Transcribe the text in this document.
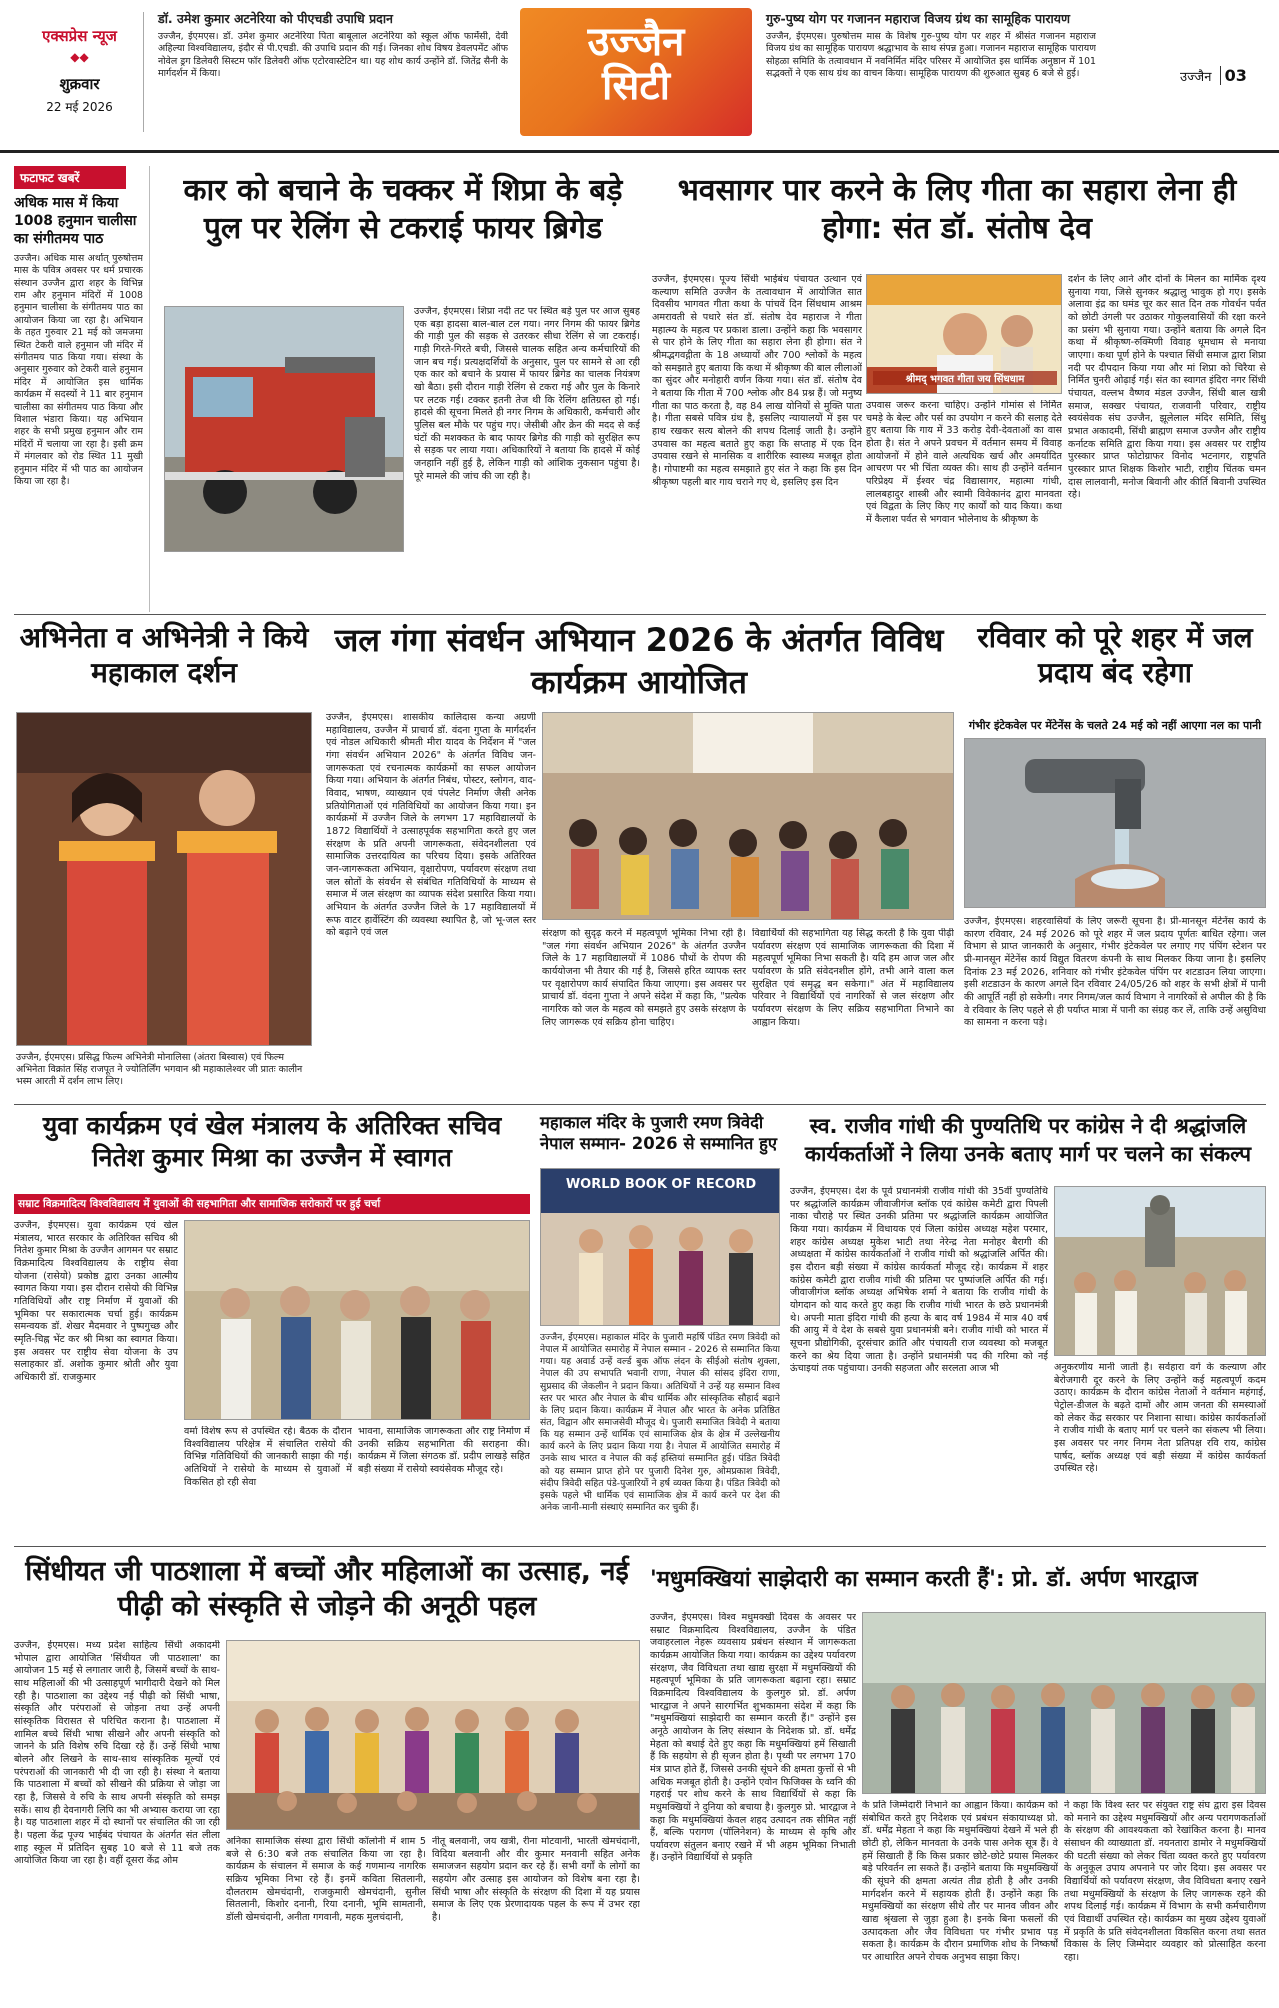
एक्सप्रेस न्यूज
◆◆
शुक्रवार
22 मई 2026
डॉ. उमेश कुमार अटनेरिया को पीएचडी उपाधि प्रदान
उज्जैन, ईएमएस। डॉ. उमेश कुमार अटनेरिया पिता बाबूलाल अटनेरिया को स्कूल ऑफ फार्मेसी, देवी अहिल्या विश्वविद्यालय, इंदौर से पी.एचडी. की उपाधि प्रदान की गई। जिनका शोध विषय डेवलपमेंट ऑफ नोवेल ड्रग डिलेवरी सिस्टम फॉर डिलेवरी ऑफ एटोरवास्टेटिन था। यह शोध कार्य उन्होंने डॉ. जितेंद्र सैनी के मार्गदर्शन में किया।
उज्जैन
सिटी
गुरु-पुष्य योग पर गजानन महाराज विजय ग्रंथ का सामूहिक पारायण
उज्जैन, ईएमएस। पुरुषोत्तम मास के विशेष गुरु-पुष्य योग पर शहर में श्रीसंत गजानन महाराज विजय ग्रंथ का सामूहिक पारायण श्रद्धाभाव के साथ संपन्न हुआ। गजानन महाराज सामूहिक पारायण सोहळा समिति के तत्वावधान में नवनिर्मित मंदिर परिसर में आयोजित इस धार्मिक अनुष्ठान में 101 सद्भक्तों ने एक साथ ग्रंथ का वाचन किया। सामूहिक पारायण की शुरुआत सुबह 6 बजे से हुई।	उज्जैन 03
फटाफट खबरें
अधिक मास में किया 1008 हनुमान चालीसा का संगीतमय पाठ
उज्जैन। अधिक मास अर्थात् पुरुषोत्तम मास के पवित्र अवसर पर धर्म प्रचारक संस्थान उज्जैन द्वारा शहर के विभिन्न राम और हनुमान मंदिरों में 1008 हनुमान चालीसा के संगीतमय पाठ का आयोजन किया जा रहा है। अभियान के तहत गुरुवार 21 मई को जमजमा स्थित टेकरी वाले हनुमान जी मंदिर में संगीतमय पाठ किया गया। संस्था के अनुसार गुरुवार को टेकरी वाले हनुमान मंदिर में आयोजित इस धार्मिक कार्यक्रम में सदस्यों ने 11 बार हनुमान चालीसा का संगीतमय पाठ किया और विशाल भंडारा किया। यह अभियान शहर के सभी प्रमुख हनुमान और राम मंदिरों में चलाया जा रहा है। इसी क्रम में मंगलवार को रोड स्थित 11 मुखी हनुमान मंदिर में भी पाठ का आयोजन किया जा रहा है।
कार को बचाने के चक्कर में शिप्रा के बड़े पुल पर रेलिंग से टकराई फायर ब्रिगेड
उज्जैन, ईएमएस। शिप्रा नदी तट पर स्थित बड़े पुल पर आज सुबह एक बड़ा हादसा बाल-बाल टल गया। नगर निगम की फायर ब्रिगेड की गाड़ी पुल की सड़क से उतरकर सीधा रेलिंग से जा टकराई। गाड़ी गिरते-गिरते बची, जिससे चालक सहित अन्य कर्मचारियों की जान बच गई। प्रत्यक्षदर्शियों के अनुसार, पुल पर सामने से आ रही एक कार को बचाने के प्रयास में फायर ब्रिगेड का चालक नियंत्रण खो बैठा। इसी दौरान गाड़ी रेलिंग से टकरा गई और पुल के किनारे पर लटक गई। टक्कर इतनी तेज थी कि रेलिंग क्षतिग्रस्त हो गई। हादसे की सूचना मिलते ही नगर निगम के अधिकारी, कर्मचारी और पुलिस बल मौके पर पहुंच गए। जेसीबी और क्रेन की मदद से कई घंटों की मशक्कत के बाद फायर ब्रिगेड की गाड़ी को सुरक्षित रूप से सड़क पर लाया गया। अधिकारियों ने बताया कि हादसे में कोई जनहानि नहीं हुई है, लेकिन गाड़ी को आंशिक नुकसान पहुंचा है। पूरे मामले की जांच की जा रही है।
भवसागर पार करने के लिए गीता का सहारा लेना ही होगा: संत डॉ. संतोष देव
उज्जैन, ईएमएस। पूज्य सिंधी भाईबंध पंचायत उत्थान एवं कल्याण समिति उज्जैन के तत्वावधान में आयोजित सात दिवसीय भागवत गीता कथा के पांचवें दिन सिंधधाम आश्रम अमरावती से पधारे संत डॉ. संतोष देव महाराज ने गीता महात्म्य के महत्व पर प्रकाश डाला। उन्होंने कहा कि भवसागर से पार होने के लिए गीता का सहारा लेना ही होगा। संत ने श्रीमद्भगवद्गीता के 18 अध्यायों और 700 श्लोकों के महत्व को समझाते हुए बताया कि कथा में श्रीकृष्ण की बाल लीलाओं का सुंदर और मनोहारी वर्णन किया गया। संत डॉ. संतोष देव ने बताया कि गीता में 700 श्लोक और 84 प्रश्न हैं। जो मनुष्य गीता का पाठ करता है, वह 84 लाख योनियों से मुक्ति पाता है। गीता सबसे पवित्र ग्रंथ है, इसलिए न्यायालयों में इस पर हाथ रखकर सत्य बोलने की शपथ दिलाई जाती है। उन्होंने उपवास का महत्व बताते हुए कहा कि सप्ताह में एक दिन उपवास रखने से मानसिक व शारीरिक स्वास्थ्य मजबूत होता है। गोपाष्टमी का महत्व समझाते हुए संत ने कहा कि इस दिन श्रीकृष्ण पहली बार गाय चराने गए थे, इसलिए इस दिन
श्रीमद् भगवत गीता जय सिंधधाम
उपवास जरूर करना चाहिए। उन्होंने गोमांस से निर्मित चमड़े के बेल्ट और पर्स का उपयोग न करने की सलाह देते हुए बताया कि गाय में 33 करोड़ देवी-देवताओं का वास होता है। संत ने अपने प्रवचन में वर्तमान समय में विवाह आयोजनों में होने वाले अत्यधिक खर्च और अमर्यादित आचरण पर भी चिंता व्यक्त की। साथ ही उन्होंने वर्तमान परिप्रेक्ष्य में ईश्वर चंद्र विद्यासागर, महात्मा गांधी, लालबहादुर शास्त्री और स्वामी विवेकानंद द्वारा मानवता एवं विद्वता के लिए किए गए कार्यों को याद किया। कथा में कैलाश पर्वत से भगवान भोलेनाथ के श्रीकृष्ण के
दर्शन के लिए आने और दोनों के मिलन का मार्मिक दृश्य सुनाया गया, जिसे सुनकर श्रद्धालु भावुक हो गए। इसके अलावा इंद्र का घमंड चूर कर सात दिन तक गोवर्धन पर्वत को छोटी उंगली पर उठाकर गोकुलवासियों की रक्षा करने का प्रसंग भी सुनाया गया। उन्होंने बताया कि अगले दिन कथा में श्रीकृष्ण-रुक्मिणी विवाह धूमधाम से मनाया जाएगा। कथा पूर्ण होने के पश्चात सिंधी समाज द्वारा शिप्रा नदी पर दीपदान किया गया और मां शिप्रा को चिरैया से निर्मित चुनरी ओढ़ाई गई। संत का स्वागत इंदिरा नगर सिंधी पंचायत, वल्लभ वैष्णव मंडल उज्जैन, सिंधी बाल खत्री समाज, सक्खर पंचायत, राजवानी परिवार, राष्ट्रीय स्वयंसेवक संघ उज्जैन, झूलेलाल मंदिर समिति, सिंधु प्रभात अकादमी, सिंधी ब्राह्मण समाज उज्जैन और राष्ट्रीय कर्नाटक समिति द्वारा किया गया। इस अवसर पर राष्ट्रीय पुरस्कार प्राप्त फोटोग्राफर विनोद भटनागर, राष्ट्रपति पुरस्कार प्राप्त शिक्षक किशोर भाटी, राष्ट्रीय चिंतक चमन दास लालवानी, मनोज बिवानी और कीर्ति बिवानी उपस्थित रहे।
अभिनेता व अभिनेत्री ने किये महाकाल दर्शन
उज्जैन, ईएमएस। प्रसिद्ध फिल्म अभिनेत्री मोनालिसा (अंतरा बिस्वास) एवं फिल्म अभिनेता विक्रांत सिंह राजपूत ने ज्योतिर्लिंग भगवान श्री महाकालेश्वर जी प्रातः कालीन भस्म आरती में दर्शन लाभ लिए।
जल गंगा संवर्धन अभियान 2026 के अंतर्गत विविध कार्यक्रम आयोजित
उज्जैन, ईएमएस। शासकीय कालिदास कन्या अग्रणी महाविद्यालय, उज्जैन में प्राचार्य डॉ. वंदना गुप्ता के मार्गदर्शन एवं नोडल अधिकारी श्रीमती मीरा यादव के निर्देशन में "जल गंगा संवर्धन अभियान 2026" के अंतर्गत विविध जन-जागरूकता एवं रचनात्मक कार्यक्रमों का सफल आयोजन किया गया। अभियान के अंतर्गत निबंध, पोस्टर, स्लोगन, वाद-विवाद, भाषण, व्याख्यान एवं पंपलेट निर्माण जैसी अनेक प्रतियोगिताओं एवं गतिविधियों का आयोजन किया गया। इन कार्यक्रमों में उज्जैन जिले के लगभग 17 महाविद्यालयों के 1872 विद्यार्थियों ने उत्साहपूर्वक सहभागिता करते हुए जल संरक्षण के प्रति अपनी जागरूकता, संवेदनशीलता एवं सामाजिक उत्तरदायित्व का परिचय दिया। इसके अतिरिक्त जन-जागरूकता अभियान, वृक्षारोपण, पर्यावरण संरक्षण तथा जल स्रोतों के संवर्धन से संबंधित गतिविधियों के माध्यम से समाज में जल संरक्षण का व्यापक संदेश प्रसारित किया गया। अभियान के अंतर्गत उज्जैन जिले के 17 महाविद्यालयों में रूफ वाटर हार्वेस्टिंग की व्यवस्था स्थापित है, जो भू-जल स्तर को बढ़ाने एवं जल	संरक्षण को सुदृढ़ करने में महत्वपूर्ण भूमिका निभा रही है। "जल गंगा संवर्धन अभियान 2026" के अंतर्गत उज्जैन जिले के 17 महाविद्यालयों में 1086 पौधों के रोपण की कार्ययोजना भी तैयार की गई है, जिससे हरित व्यापक स्तर पर वृक्षारोपण कार्य संपादित किया जाएगा। इस अवसर पर प्राचार्य डॉ. वंदना गुप्ता ने अपने संदेश में कहा कि, "प्रत्येक नागरिक को जल के महत्व को समझते हुए उसके संरक्षण के लिए जागरूक एवं सक्रिय होना चाहिए।
विद्यार्थियों की सहभागिता यह सिद्ध करती है कि युवा पीढ़ी पर्यावरण संरक्षण एवं सामाजिक जागरूकता की दिशा में महत्वपूर्ण भूमिका निभा सकती है। यदि हम आज जल और पर्यावरण के प्रति संवेदनशील होंगे, तभी आने वाला कल सुरक्षित एवं समृद्ध बन सकेगा।" अंत में महाविद्यालय परिवार ने विद्यार्थियों एवं नागरिकों से जल संरक्षण और पर्यावरण संरक्षण के लिए सक्रिय सहभागिता निभाने का आह्वान किया।
रविवार को पूरे शहर में जल प्रदाय बंद रहेगा
गंभीर इंटेकवेल पर मेंटेनेंस के चलते 24 मई को नहीं आएगा नल का पानी
उज्जैन, ईएमएस। शहरवासियों के लिए जरूरी सूचना है। प्री-मानसून मेंटेनेंस कार्य के कारण रविवार, 24 मई 2026 को पूरे शहर में जल प्रदाय पूर्णतः बाधित रहेगा। जल विभाग से प्राप्त जानकारी के अनुसार, गंभीर इंटेकवेल पर लगाए गए पंपिंग स्टेशन पर प्री-मानसून मेंटेनेंस कार्य विद्युत वितरण कंपनी के साथ मिलकर किया जाना है। इसलिए दिनांक 23 मई 2026, शनिवार को गंभीर इंटेकवेल पंपिंग पर शटडाउन लिया जाएगा। इसी शटडाउन के कारण अगले दिन रविवार 24/05/26 को शहर के सभी क्षेत्रों में पानी की आपूर्ति नहीं हो सकेगी। नगर निगम/जल कार्य विभाग ने नागरिकों से अपील की है कि वे रविवार के लिए पहले से ही पर्याप्त मात्रा में पानी का संग्रह कर लें, ताकि उन्हें असुविधा का सामना न करना पड़े।
युवा कार्यक्रम एवं खेल मंत्रालय के अतिरिक्त सचिव नितेश कुमार मिश्रा का उज्जैन में स्वागत
सम्राट विक्रमादित्य विश्वविद्यालय में युवाओं की सहभागिता और सामाजिक सरोकारों पर हुई चर्चा
उज्जैन, ईएमएस। युवा कार्यक्रम एवं खेल मंत्रालय, भारत सरकार के अतिरिक्त सचिव श्री नितेश कुमार मिश्रा के उज्जैन आगमन पर सम्राट विक्रमादित्य विश्वविद्यालय के राष्ट्रीय सेवा योजना (रासेयो) प्रकोष्ठ द्वारा उनका आत्मीय स्वागत किया गया। इस दौरान रासेयो की विभिन्न गतिविधियों और राष्ट्र निर्माण में युवाओं की भूमिका पर सकारात्मक चर्चा हुई। कार्यक्रम समन्वयक डॉ. शेखर मैदमवार ने पुष्पगुच्छ और स्मृति-चिह्न भेंट कर श्री मिश्रा का स्वागत किया। इस अवसर पर राष्ट्रीय सेवा योजना के उप सलाहकार डॉ. अशोक कुमार श्रोती और युवा अधिकारी डॉ. राजकुमार
वर्मा विशेष रूप से उपस्थित रहे। बैठक के दौरान विश्वविद्यालय परिक्षेत्र में संचालित रासेयो की विभिन्न गतिविधियों की जानकारी साझा की गई। अतिथियों ने रासेयो के माध्यम से युवाओं में विकसित हो रही सेवा
भावना, सामाजिक जागरूकता और राष्ट्र निर्माण में उनकी सक्रिय सहभागिता की सराहना की। कार्यक्रम में जिला संगठक डॉ. प्रदीप लाखड़े सहित बड़ी संख्या में रासेयो स्वयंसेवक मौजूद रहे।
महाकाल मंदिर के पुजारी रमण त्रिवेदी नेपाल सम्मान- 2026 से सम्मानित हुए
WORLD BOOK OF RECORD
उज्जैन, ईएमएस। महाकाल मंदिर के पुजारी महर्षि पंडित रमण त्रिवेदी को नेपाल में आयोजित समारोह में नेपाल सम्मान - 2026 से सम्मानित किया गया। यह अवार्ड उन्हें वर्ल्ड बुक ऑफ लंदन के सीईओ संतोष शुक्ला, नेपाल की उप सभापति भवानी राणा, नेपाल की सांसद इंदिरा राणा, सुप्रसाद की जेकलीन ने प्रदान किया। अतिथियों ने उन्हें यह सम्मान विश्व स्तर पर भारत और नेपाल के बीच धार्मिक और सांस्कृतिक सौहार्द बढ़ाने के लिए प्रदान किया। कार्यक्रम में नेपाल और भारत के अनेक प्रतिष्ठित संत, विद्वान और समाजसेवी मौजूद थे। पुजारी समाजित त्रिवेदी ने बताया कि यह सम्मान उन्हें धार्मिक एवं सामाजिक क्षेत्र के क्षेत्र में उल्लेखनीय कार्य करने के लिए प्रदान किया गया है। नेपाल में आयोजित समारोह में उनके साथ भारत व नेपाल की कई हस्तियां सम्मानित हुई। पंडित त्रिवेदी को यह सम्मान प्राप्त होने पर पुजारी दिनेश गुरु, ओमप्रकाश त्रिवेदी, संदीप त्रिवेदी सहित पंडे-पुजारियों ने हर्ष व्यक्त किया है। पंडित त्रिवेदी को इसके पहले भी धार्मिक एवं सामाजिक क्षेत्र में कार्य करने पर देश की अनेक जानी-मानी संस्थाएं सम्मानित कर चुकी हैं।
स्व. राजीव गांधी की पुण्यतिथि पर कांग्रेस ने दी श्रद्धांजलि कार्यकर्ताओं ने लिया उनके बताए मार्ग पर चलने का संकल्प
उज्जैन, ईएमएस। देश के पूर्व प्रधानमंत्री राजीव गांधी की 35वीं पुण्यतिथि पर श्रद्धांजलि कार्यक्रम जीवाजीगंज ब्लॉक एवं कांग्रेस कमेटी द्वारा पिपली नाका चौराहे पर स्थित उनकी प्रतिमा पर श्रद्धांजलि कार्यक्रम आयोजित किया गया। कार्यक्रम में विधायक एवं जिला कांग्रेस अध्यक्ष महेश परमार, शहर कांग्रेस अध्यक्ष मुकेश भाटी तथा नेरेन्द्र नेता मनोहर बैरागी की अध्यक्षता में कांग्रेस कार्यकर्ताओं ने राजीव गांधी को श्रद्धांजलि अर्पित की। इस दौरान बड़ी संख्या में कांग्रेस कार्यकर्ता मौजूद रहे। कार्यक्रम में शहर कांग्रेस कमेटी द्वारा राजीव गांधी की प्रतिमा पर पुष्पांजलि अर्पित की गई। जीवाजीगंज ब्लॉक अध्यक्ष अभिषेक शर्मा ने बताया कि राजीव गांधी के योगदान को याद करते हुए कहा कि राजीव गांधी भारत के छठे प्रधानमंत्री थे। अपनी माता इंदिरा गांधी की हत्या के बाद वर्ष 1984 में मात्र 40 वर्ष की आयु में वे देश के सबसे युवा प्रधानमंत्री बने। राजीव गांधी को भारत में सूचना प्रौद्योगिकी, दूरसंचार क्रांति और पंचायती राज व्यवस्था को मजबूत करने का श्रेय दिया जाता है। उन्होंने प्रधानमंत्री पद की गरिमा को नई ऊंचाइयां तक पहुंचाया। उनकी सहजता और सरलता आज भी	अनुकरणीय मानी जाती है। सर्वहारा वर्ग के कल्याण और बेरोजगारी दूर करने के लिए उन्होंने कई महत्वपूर्ण कदम उठाए। कार्यक्रम के दौरान कांग्रेस नेताओं ने वर्तमान महंगाई, पेट्रोल-डीजल के बढ़ते दामों और आम जनता की समस्याओं को लेकर केंद्र सरकार पर निशाना साधा। कांग्रेस कार्यकर्ताओं ने राजीव गांधी के बताए मार्ग पर चलने का संकल्प भी लिया। इस अवसर पर नगर निगम नेता प्रतिपक्ष रवि राय, कांग्रेस पार्षद, ब्लॉक अध्यक्ष एवं बड़ी संख्या में कांग्रेस कार्यकर्ता उपस्थित रहे।
सिंधीयत जी पाठशाला में बच्चों और महिलाओं का उत्साह, नई पीढ़ी को संस्कृति से जोड़ने की अनूठी पहल
उज्जैन, ईएमएस। मध्य प्रदेश साहित्य सिंधी अकादमी भोपाल द्वारा आयोजित 'सिंधीयत जी पाठशाला' का आयोजन 15 मई से लगातार जारी है, जिसमें बच्चों के साथ-साथ महिलाओं की भी उत्साहपूर्ण भागीदारी देखने को मिल रही है। पाठशाला का उद्देश्य नई पीढ़ी को सिंधी भाषा, संस्कृति और परंपराओं से जोड़ना तथा उन्हें अपनी सांस्कृतिक विरासत से परिचित कराना है। पाठशाला में शामिल बच्चे सिंधी भाषा सीखने और अपनी संस्कृति को जानने के प्रति विशेष रुचि दिखा रहे हैं। उन्हें सिंधी भाषा बोलने और लिखने के साथ-साथ सांस्कृतिक मूल्यों एवं परंपराओं की जानकारी भी दी जा रही है। संस्था ने बताया कि पाठशाला में बच्चों को सीखने की प्रक्रिया से जोड़ा जा रहा है, जिससे वे रुचि के साथ अपनी संस्कृति को समझ सकें। साथ ही देवनागरी लिपि का भी अभ्यास कराया जा रहा है। यह पाठशाला शहर में दो स्थानों पर संचालित की जा रही है। पहला केंद्र पूज्य भाईबंद पंचायत के अंतर्गत संत लीला शाह स्कूल में प्रतिदिन सुबह 10 बजे से 11 बजे तक आयोजित किया जा रहा है। वहीं दूसरा केंद्र ओम
अनिका सामाजिक संस्था द्वारा सिंधी कॉलोनी में शाम 5 बजे से 6:30 बजे तक संचालित किया जा रहा है। कार्यक्रम के संचालन में समाज के कई गणमान्य नागरिक सक्रिय भूमिका निभा रहे हैं। इनमें कविता सितलानी, दौलतराम खेमचंदानी, राजकुमारी खेमचंदानी, सुनील सितलानी, किशोर दनानी, रिया दनानी, भूमि सामतानी, डॉली खेमचंदानी, अनीता गगवानी, महक मुलचंदानी,
नीतू बलवानी, जय खत्री, रीना मोटवानी, भारती खेमचंदानी, विदिया बलवानी और वीर कुमार मनवानी सहित अनेक समाजजन सहयोग प्रदान कर रहे हैं। सभी वर्गों के लोगों का सहयोग और उत्साह इस आयोजन को विशेष बना रहा है। सिंधी भाषा और संस्कृति के संरक्षण की दिशा में यह प्रयास समाज के लिए एक प्रेरणादायक पहल के रूप में उभर रहा है।
'मधुमक्खियां साझेदारी का सम्मान करती हैं': प्रो. डॉ. अर्पण भारद्वाज
उज्जैन, ईएमएस। विश्व मधुमक्खी दिवस के अवसर पर सम्राट विक्रमादित्य विश्वविद्यालय, उज्जैन के पंडित जवाहरलाल नेहरू व्यवसाय प्रबंधन संस्थान में जागरूकता कार्यक्रम आयोजित किया गया। कार्यक्रम का उद्देश्य पर्यावरण संरक्षण, जैव विविधता तथा खाद्य सुरक्षा में मधुमक्खियों की महत्वपूर्ण भूमिका के प्रति जागरूकता बढ़ाना रहा। सम्राट विक्रमादित्य विश्वविद्यालय के कुलगुरु प्रो. डॉ. अर्पण भारद्वाज ने अपने सारगर्भित शुभकामना संदेश में कहा कि "मधुमक्खियां साझेदारी का सम्मान करती हैं।" उन्होंने इस अनूठे आयोजन के लिए संस्थान के निदेशक प्रो. डॉ. धर्मेंद्र मेहता को बधाई देते हुए कहा कि मधुमक्खियां हमें सिखाती हैं कि सहयोग से ही सृजन होता है। पृथ्वी पर लगभग 170 मंत्र प्राप्त होते हैं, जिससे उनकी सूंघने की क्षमता कुत्तों से भी अधिक मजबूत होती है। उन्होंने एवोन फिजिक्स के ध्वनि की गहराई पर शोध करने के साथ विद्यार्थियों से कहा कि मधुमक्खियों ने दुनिया को बचाया है। कुलगुरु प्रो. भारद्वाज ने कहा कि मधुमक्खियां केवल शहद उत्पादन तक सीमित नहीं हैं, बल्कि परागण (पॉलिनेशन) के माध्यम से कृषि और पर्यावरण संतुलन बनाए रखने में भी अहम भूमिका निभाती हैं। उन्होंने विद्यार्थियों से प्रकृति
के प्रति जिम्मेदारी निभाने का आह्वान किया। कार्यक्रम को संबोधित करते हुए निदेशक एवं प्रबंधन संकायाध्यक्ष प्रो. डॉ. धर्मेंद्र मेहता ने कहा कि मधुमक्खियां देखने में भले ही छोटी हो, लेकिन मानवता के उनके पास अनेक सूत्र हैं। वे हमें सिखाती हैं कि किस प्रकार छोटे-छोटे प्रयास मिलकर बड़े परिवर्तन ला सकते हैं। उन्होंने बताया कि मधुमक्खियों की सूंघने की क्षमता अत्यंत तीव्र होती है और उनकी मार्गदर्शन करने में सहायक होती हैं। उन्होंने कहा कि मधुमक्खियों का संरक्षण सीधे तौर पर मानव जीवन और खाद्य श्रृंखला से जुड़ा हुआ है। इनके बिना फसलों की उत्पादकता और जैव विविधता पर गंभीर प्रभाव पड़ सकता है। कार्यक्रम के दौरान प्रमाणिक शोध के निष्कर्षों पर आधारित अपने रोचक अनुभव साझा किए।
ने कहा कि विश्व स्तर पर संयुक्त राष्ट्र संघ द्वारा इस दिवस को मनाने का उद्देश्य मधुमक्खियों और अन्य परागणकर्ताओं के संरक्षण की आवश्यकता को रेखांकित करना है। मानव संसाधन की व्याख्याता डॉ. नयनतारा डामोर ने मधुमक्खियों की घटती संख्या को लेकर चिंता व्यक्त करते हुए पर्यावरण के अनुकूल उपाय अपनाने पर जोर दिया। इस अवसर पर विद्यार्थियों को पर्यावरण संरक्षण, जैव विविधता बनाए रखने तथा मधुमक्खियों के संरक्षण के लिए जागरूक रहने की शपथ दिलाई गई। कार्यक्रम में विभाग के सभी कर्मचारीगण एवं विद्यार्थी उपस्थित रहे। कार्यक्रम का मुख्य उद्देश्य युवाओं में प्रकृति के प्रति संवेदनशीलता विकसित करना तथा सतत विकास के लिए जिम्मेदार व्यवहार को प्रोत्साहित करना रहा।
